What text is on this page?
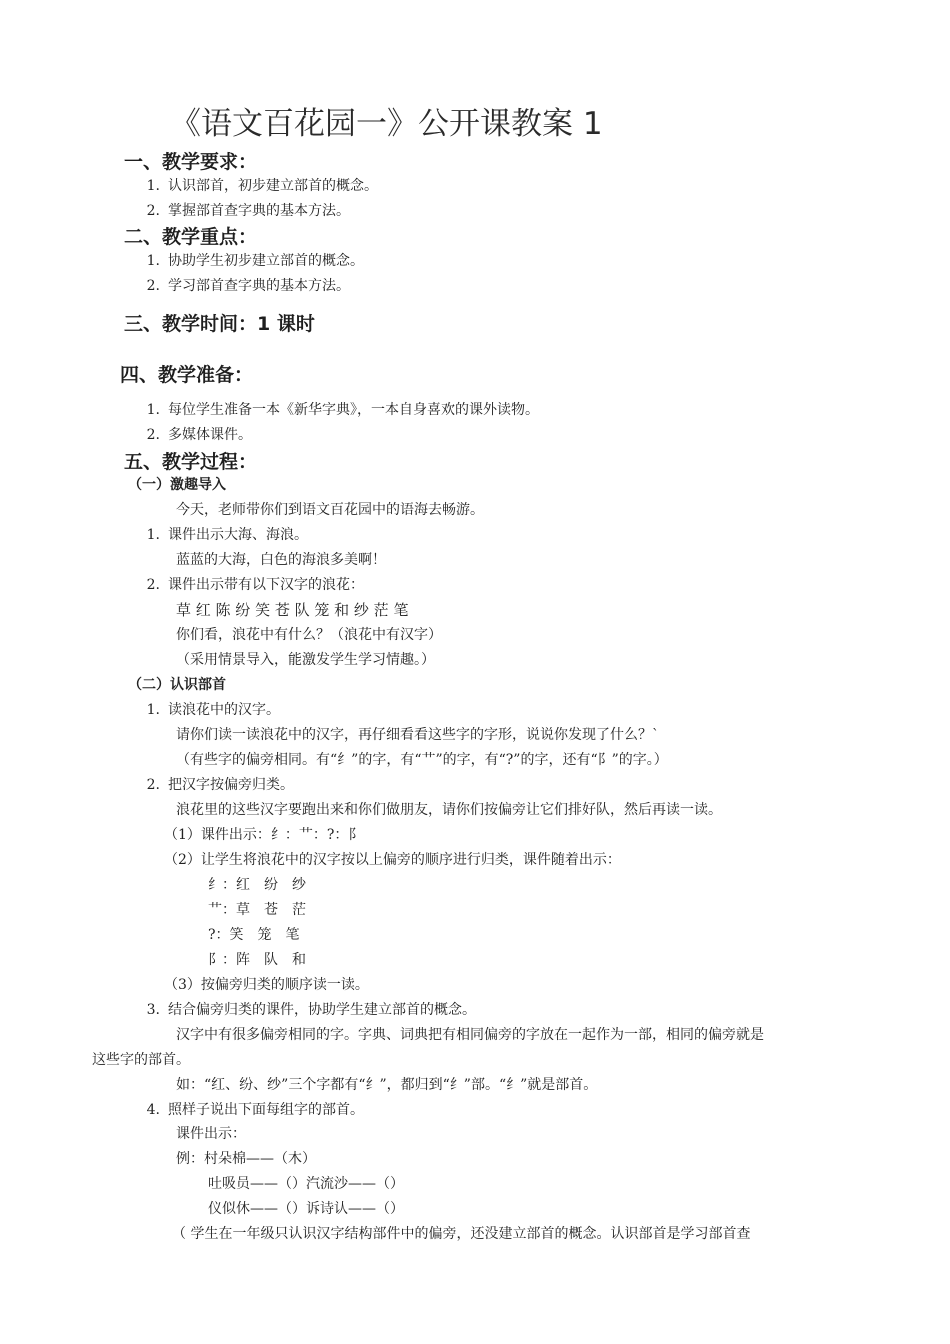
《语文百花园一》公开课教案 1
一、教学要求：
1. 认识部首，初步建立部首的概念。
2. 掌握部首查字典的基本方法。
二、教学重点：
1. 协助学生初步建立部首的概念。
2. 学习部首查字典的基本方法。
三、教学时间：1 课时
四、教学准备：
1. 每位学生准备一本《新华字典》，一本自身喜欢的课外读物。
2. 多媒体课件。
五、教学过程：
（一）激趣导入
今天，老师带你们到语文百花园中的语海去畅游。
1. 课件出示大海、海浪。
蓝蓝的大海，白色的海浪多美啊！
2. 课件出示带有以下汉字的浪花：
草 红 陈 纷 笑 苍 队 笼 和 纱 茫 笔
你们看，浪花中有什么？（浪花中有汉字）
（采用情景导入，能激发学生学习情趣。）
（二）认识部首
1. 读浪花中的汉字。
请你们读一读浪花中的汉字，再仔细看看这些字的字形，说说你发现了什么？`
（有些字的偏旁相同。有“纟”的字，有“艹”的字，有“?”的字，还有“阝”的字。）
2. 把汉字按偏旁归类。
浪花里的这些汉字要跑出来和你们做朋友，请你们按偏旁让它们排好队，然后再读一读。
（1）课件出示：纟：艹：?：阝
（2）让学生将浪花中的汉字按以上偏旁的顺序进行归类，课件随着出示：
纟：红　纷　纱
艹：草　苍　茫
?：笑　笼　笔
阝：阵　队　和
（3）按偏旁归类的顺序读一读。
3. 结合偏旁归类的课件，协助学生建立部首的概念。
汉字中有很多偏旁相同的字。字典、词典把有相同偏旁的字放在一起作为一部，相同的偏旁就是
这些字的部首。
如：“红、纷、纱”三个字都有“纟”，都归到“纟”部。“纟”就是部首。
4. 照样子说出下面每组字的部首。
课件出示：
例：村朵棉——（木）
吐吸员——（）汽流沙——（）
仪似休——（）诉诗认——（）
（ 学生在一年级只认识汉字结构部件中的偏旁，还没建立部首的概念。认识部首是学习部首查
